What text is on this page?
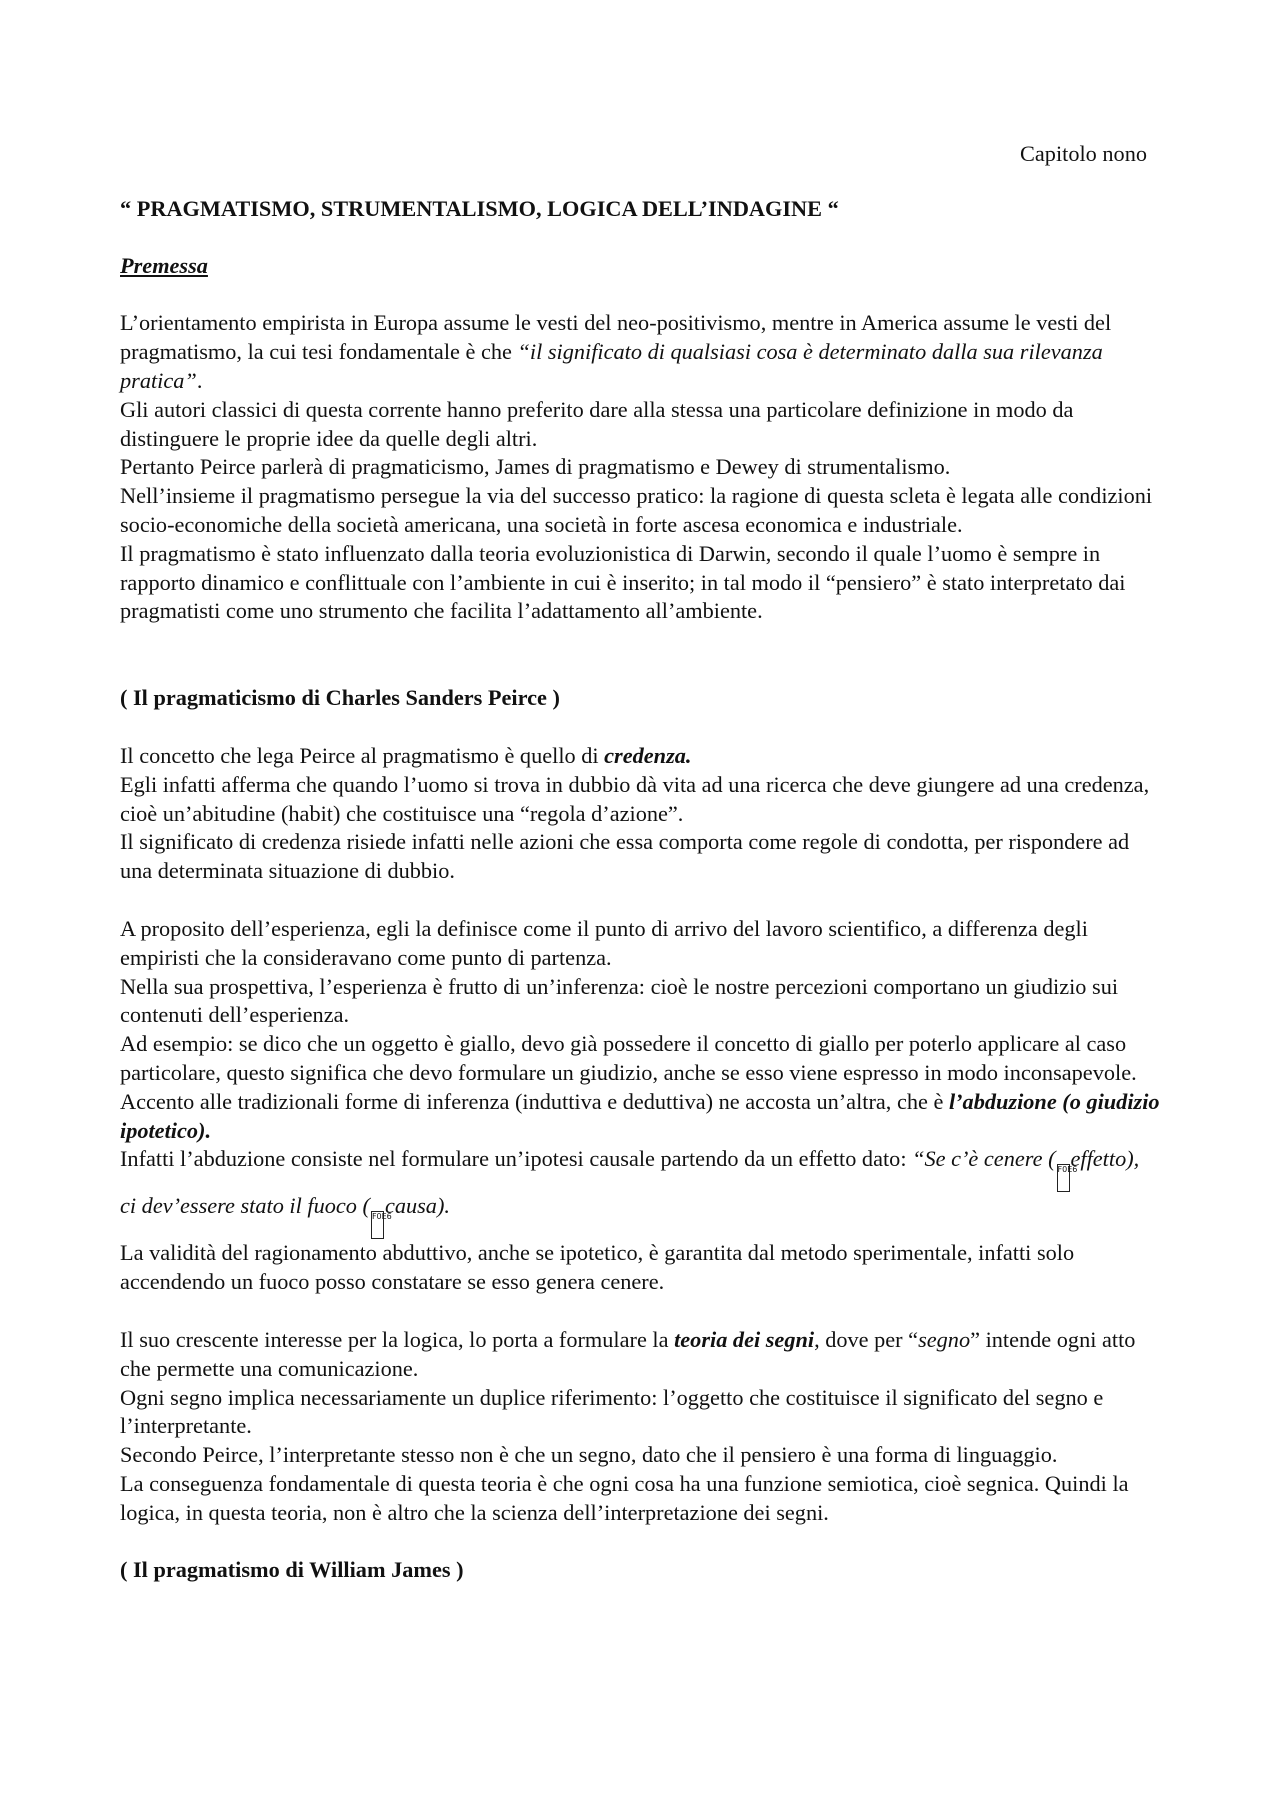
Capitolo nono
“ PRAGMATISMO, STRUMENTALISMO, LOGICA DELL’INDAGINE “
Premessa

L’orientamento empirista in Europa assume le vesti del neo-positivismo, mentre in America assume le vesti del pragmatismo, la cui tesi fondamentale è che “il significato di qualsiasi cosa è determinato dalla sua rilevanza pratica”.

Gli autori classici di questa corrente hanno preferito dare alla stessa una particolare definizione in modo da distinguere le proprie idee da quelle degli altri.

Pertanto Peirce parlerà di pragmaticismo, James di pragmatismo e Dewey di strumentalismo.

Nell’insieme il pragmatismo persegue la via del successo pratico: la ragione di questa scleta è legata alle condizioni socio-economiche della società americana, una società in forte ascesa economica e industriale.

Il pragmatismo è stato influenzato dalla teoria evoluzionistica di Darwin, secondo il quale l’uomo è sempre in rapporto dinamico e conflittuale con l’ambiente in cui è inserito; in tal modo il “pensiero” è stato interpretato dai pragmatisti come uno strumento che facilita l’adattamento all’ambiente.

( Il pragmaticismo di Charles Sanders Peirce )

Il concetto che lega Peirce al pragmatismo è quello di credenza.

Egli infatti afferma che quando l’uomo si trova in dubbio dà vita ad una ricerca che deve giungere ad una credenza, cioè un’abitudine (habit) che costituisce una “regola d’azione”.

Il significato di credenza risiede infatti nelle azioni che essa comporta come regole di condotta, per rispondere ad una determinata situazione di dubbio.

A proposito dell’esperienza, egli la definisce come il punto di arrivo del lavoro scientifico, a differenza degli empiristi che la consideravano come punto di partenza.

Nella sua prospettiva, l’esperienza è frutto di un’inferenza: cioè le nostre percezioni comportano un giudizio sui contenuti dell’esperienza.

Ad esempio: se dico che un oggetto è giallo, devo già possedere il concetto di giallo per poterlo applicare al caso particolare, questo significa che devo formulare un giudizio, anche se esso viene espresso in modo inconsapevole.

Accento alle tradizionali forme di inferenza (induttiva e deduttiva) ne accosta un’altra, che è l’abduzione (o giudizio ipotetico).

Infatti l’abduzione consiste nel formulare un’ipotesi causale partendo da un effetto dato: “Se c’è cenere ( F0E6effetto), ci dev’essere stato il fuoco ( F0E6causa).

La validità del ragionamento abduttivo, anche se ipotetico, è garantita dal metodo sperimentale, infatti solo accendendo un fuoco posso constatare se esso genera cenere.

Il suo crescente interesse per la logica, lo porta a formulare la teoria dei segni, dove per “segno” intende ogni atto che permette una comunicazione.

Ogni segno implica necessariamente un duplice riferimento: l’oggetto che costituisce il significato del segno e l’interpretante.

Secondo Peirce, l’interpretante stesso non è che un segno, dato che il pensiero è una forma di linguaggio.

La conseguenza fondamentale di questa teoria è che ogni cosa ha una funzione semiotica, cioè segnica. Quindi la logica, in questa teoria, non è altro che la scienza dell’interpretazione dei segni.

( Il pragmatismo di William James )
